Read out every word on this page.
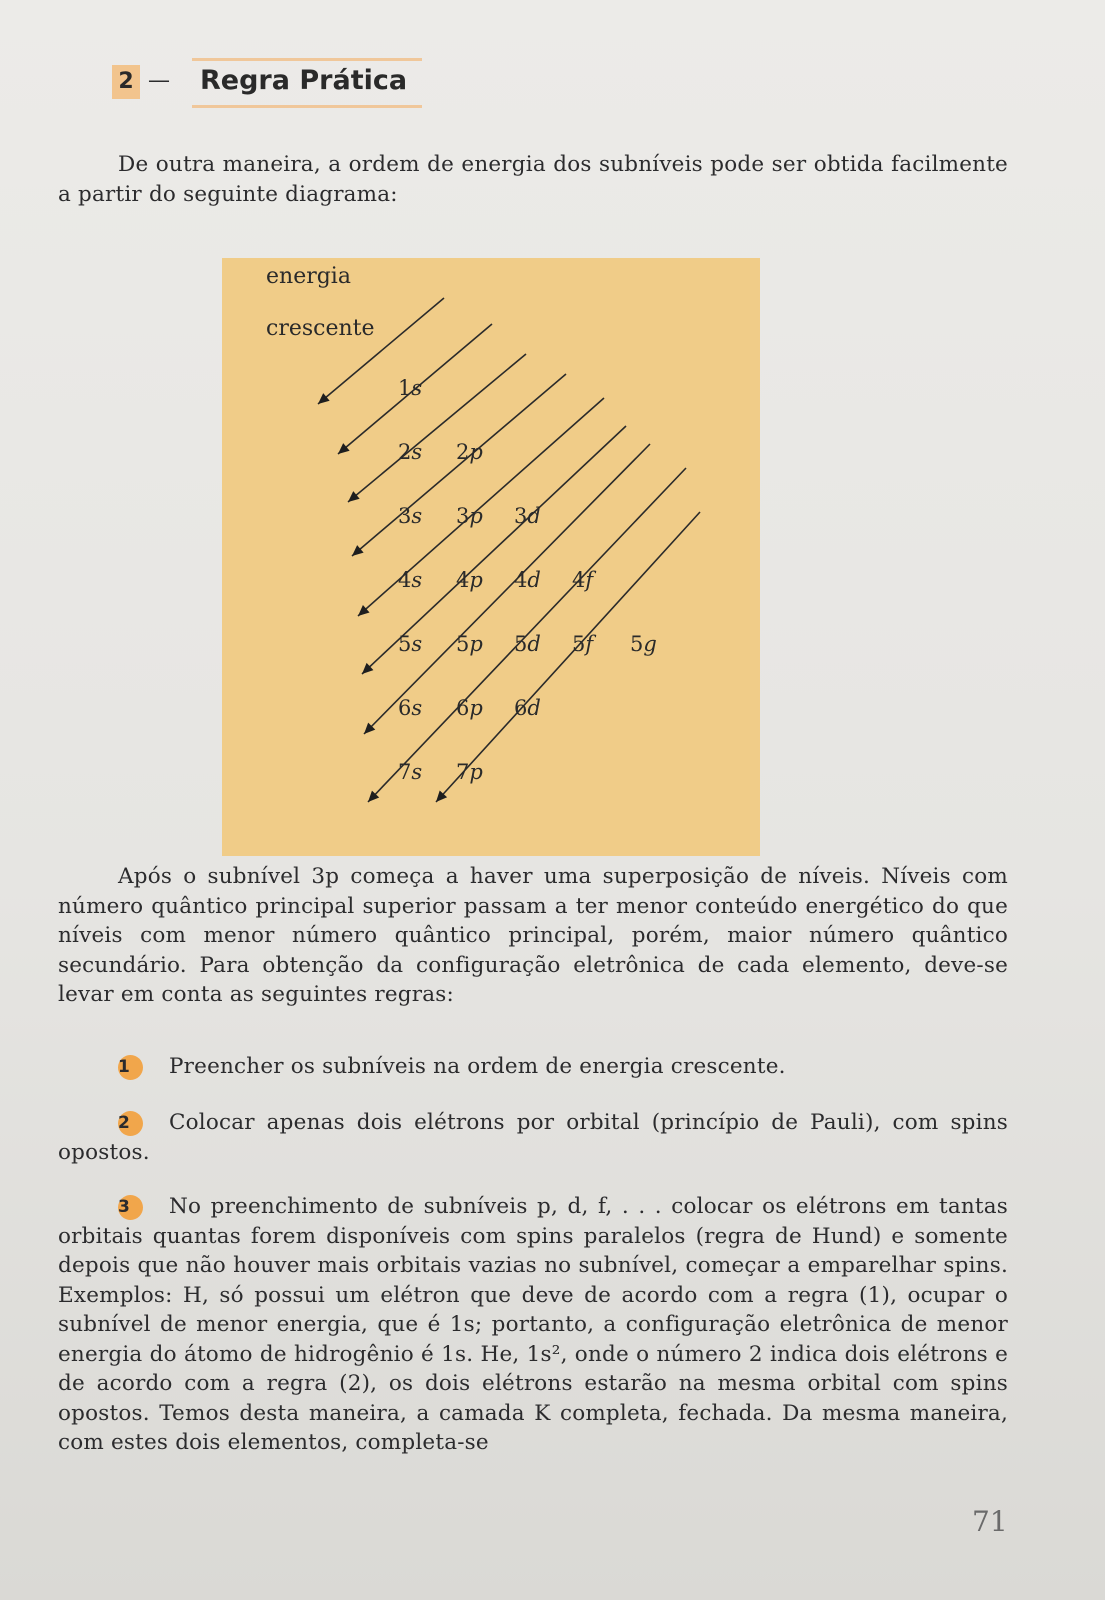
2 — Regra Prática

De outra maneira, a ordem de energia dos subníveis pode ser obtida facilmente a partir do seguinte diagrama:

energia
crescente
1s
2s 2p
3s 3p 3d
4s 4p 4d 4f
5s 5p 5d 5f 5g
6s 6p 6d
7s 7p

Após o subnível 3p começa a haver uma superposição de níveis. Níveis com número quântico principal superior passam a ter menor conteúdo energético do que níveis com menor número quântico principal, porém, maior número quântico secundário. Para obtenção da configuração eletrônica de cada elemento, deve-se levar em conta as seguintes regras:

1 Preencher os subníveis na ordem de energia crescente.

2 Colocar apenas dois elétrons por orbital (princípio de Pauli), com spins opostos.

3 No preenchimento de subníveis p, d, f, . . . colocar os elétrons em tantas orbitais quantas forem disponíveis com spins paralelos (regra de Hund) e somente depois que não houver mais orbitais vazias no subnível, começar a emparelhar spins. Exemplos: H, só possui um elétron que deve de acordo com a regra (1), ocupar o subnível de menor energia, que é 1s; portanto, a configuração eletrônica de menor energia do átomo de hidrogênio é 1s. He, 1s², onde o número 2 indica dois elétrons e de acordo com a regra (2), os dois elétrons estarão na mesma orbital com spins opostos. Temos desta maneira, a camada K completa, fechada. Da mesma maneira, com estes dois elementos, completa-se

71
